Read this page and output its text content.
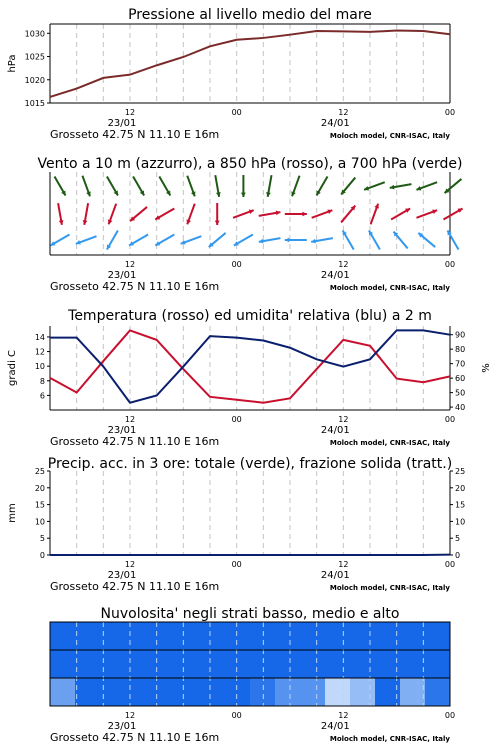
12	00	12	00
23/01	24/01
Grosseto 42.75 N 11.10 E 16m	Moloch model, CNR-ISAC, Italy
Pressione al livello medio del mare
1015
1020
1025
1030
hPa
12	00	12	00
23/01	24/01
Grosseto 42.75 N 11.10 E 16m	Moloch model, CNR-ISAC, Italy
Vento a 10 m (azzurro), a 850 hPa (rosso), a 700 hPa (verde)
12	00	12	00
23/01	24/01
Grosseto 42.75 N 11.10 E 16m	Moloch model, CNR-ISAC, Italy
Temperatura (rosso) ed umidita' relativa (blu) a 2 m
6
8
10
12
14
40
50
60
70
80
90
gradi C	%
12	00	12	00
23/01	24/01
Grosseto 42.75 N 11.10 E 16m	Moloch model, CNR-ISAC, Italy
Precip. acc. in 3 ore: totale (verde), frazione solida (tratt.)
0	0
5	5
10	10
15	15
20	20
25	25
mm
Nuvolosita' negli strati basso, medio e alto
12	00	12	00
23/01	24/01
Grosseto 42.75 N 11.10 E 16m	Moloch model, CNR-ISAC, Italy
